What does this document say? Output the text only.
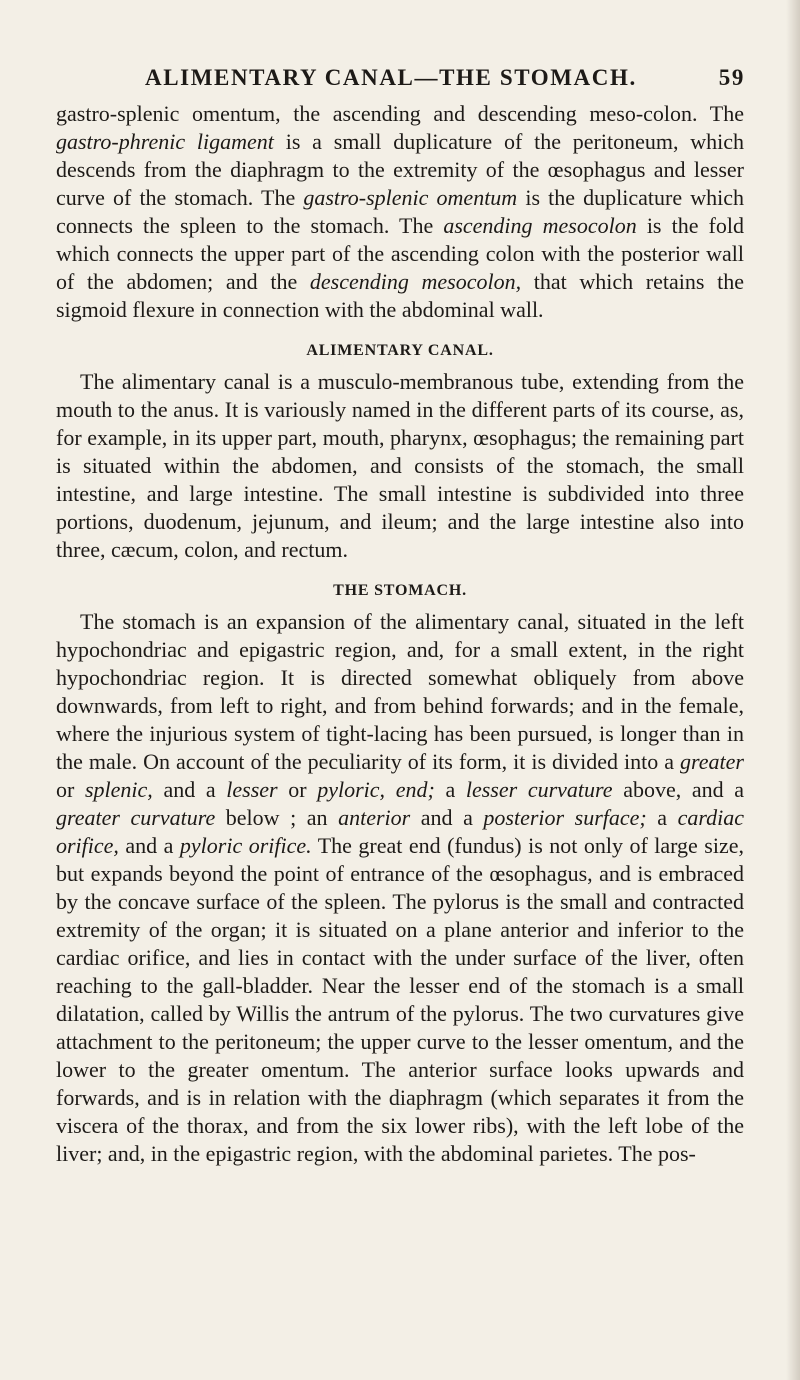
ALIMENTARY CANAL—THE STOMACH.	59

gastro-splenic omentum, the ascending and descending meso-colon. The gastro-phrenic ligament is a small duplicature of the peritoneum, which descends from the diaphragm to the extremity of the œsophagus and lesser curve of the stomach. The gastro-splenic omentum is the duplicature which connects the spleen to the stomach. The ascending mesocolon is the fold which connects the upper part of the ascending colon with the posterior wall of the abdomen; and the descending mesocolon, that which retains the sigmoid flexure in connection with the abdominal wall.

ALIMENTARY CANAL.

The alimentary canal is a musculo-membranous tube, extending from the mouth to the anus. It is variously named in the different parts of its course, as, for example, in its upper part, mouth, pharynx, œsophagus; the remaining part is situated within the abdomen, and consists of the stomach, the small intestine, and large intestine. The small intestine is subdivided into three portions, duodenum, jejunum, and ileum; and the large intestine also into three, cæcum, colon, and rectum.

THE STOMACH.

The stomach is an expansion of the alimentary canal, situated in the left hypochondriac and epigastric region, and, for a small extent, in the right hypochondriac region. It is directed somewhat obliquely from above downwards, from left to right, and from behind forwards; and in the female, where the injurious system of tight-lacing has been pursued, is longer than in the male. On account of the peculiarity of its form, it is divided into a greater or splenic, and a lesser or pyloric, end; a lesser curvature above, and a greater curvature below ; an anterior and a posterior surface; a cardiac orifice, and a pyloric orifice. The great end (fundus) is not only of large size, but expands beyond the point of entrance of the œsophagus, and is embraced by the concave surface of the spleen. The pylorus is the small and contracted extremity of the organ; it is situated on a plane anterior and inferior to the cardiac orifice, and lies in contact with the under surface of the liver, often reaching to the gall-bladder. Near the lesser end of the stomach is a small dilatation, called by Willis the antrum of the pylorus. The two curvatures give attachment to the peritoneum; the upper curve to the lesser omentum, and the lower to the greater omentum. The anterior surface looks upwards and forwards, and is in relation with the diaphragm (which separates it from the viscera of the thorax, and from the six lower ribs), with the left lobe of the liver; and, in the epigastric region, with the abdominal parietes. The pos-
